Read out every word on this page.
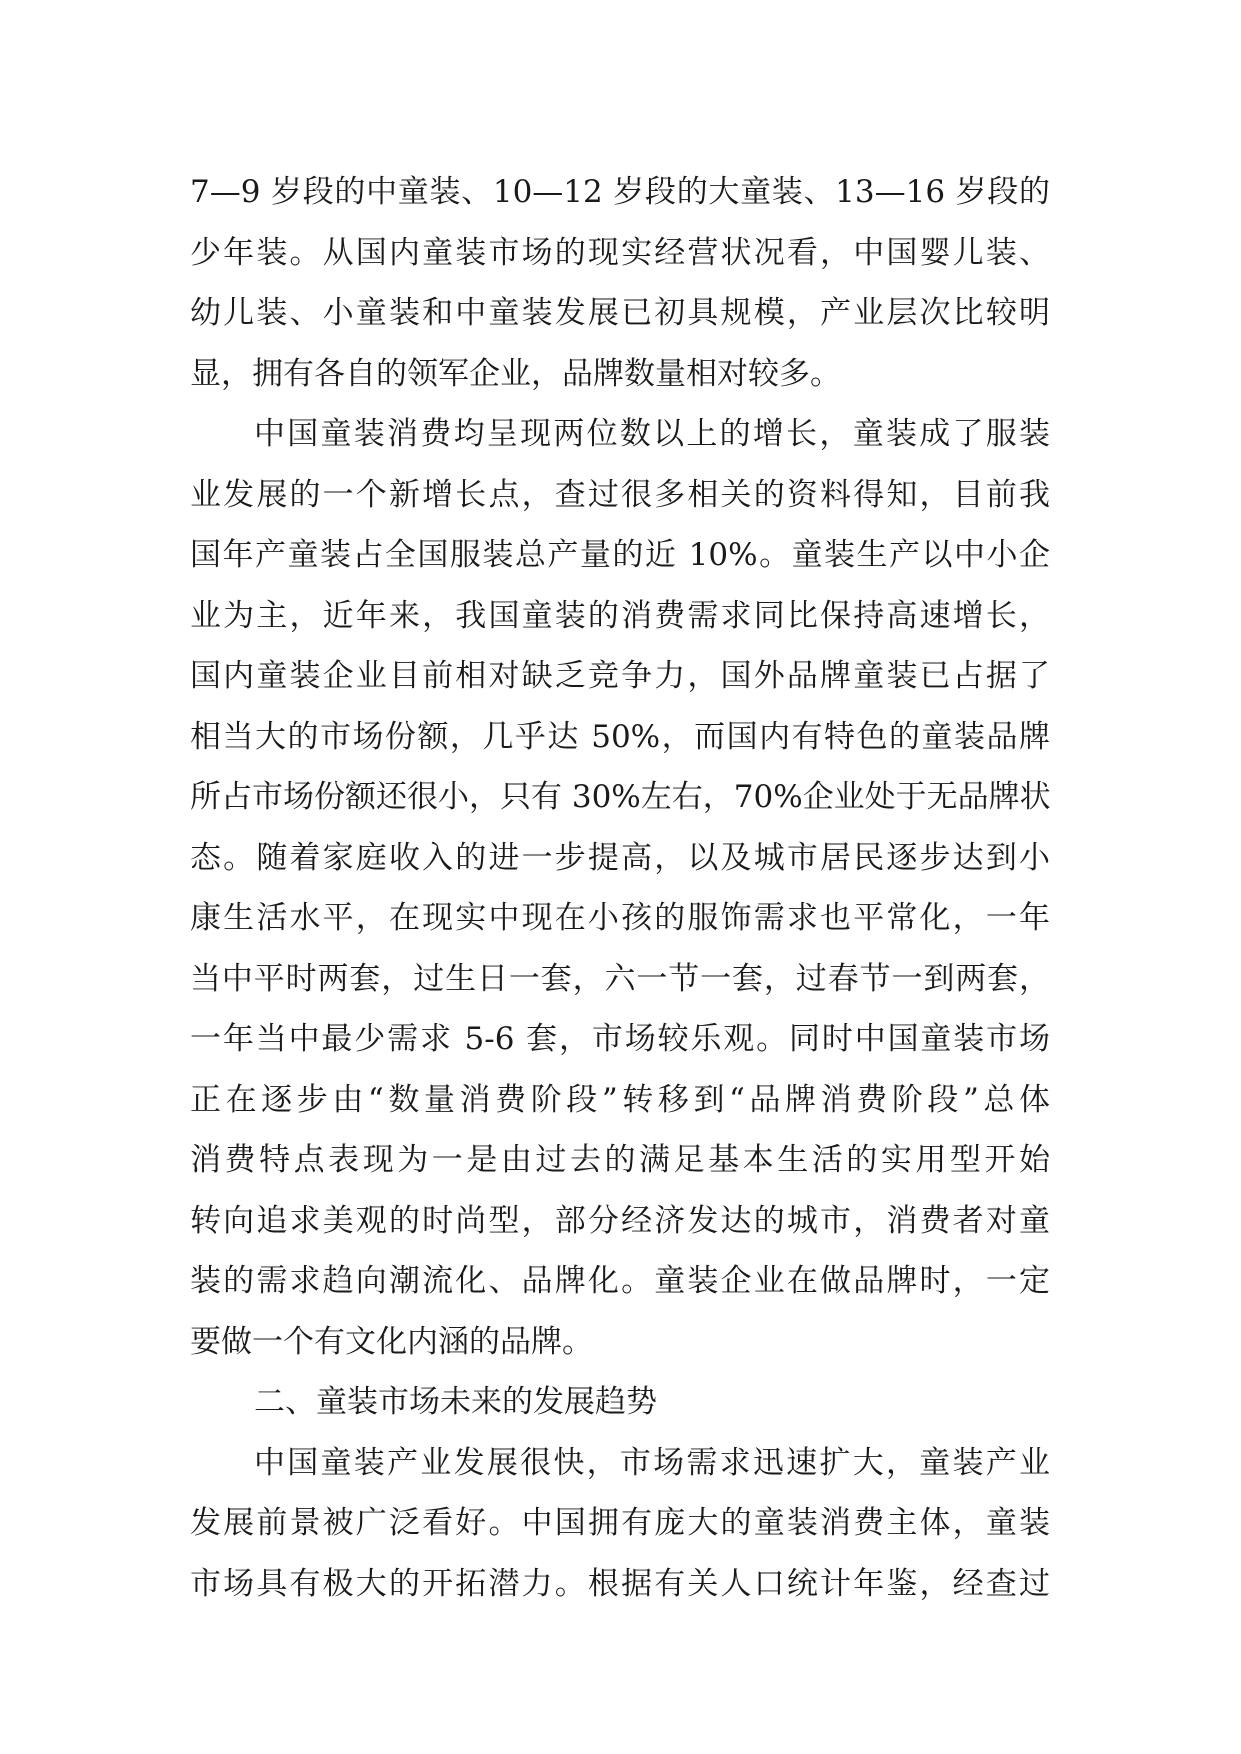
7—9 岁段的中童装、10—12 岁段的大童装、13—16 岁段的
少年装。从国内童装市场的现实经营状况看，中国婴儿装、
幼儿装、小童装和中童装发展已初具规模，产业层次比较明
显，拥有各自的领军企业，品牌数量相对较多。
中国童装消费均呈现两位数以上的增长，童装成了服装
业发展的一个新增长点，查过很多相关的资料得知，目前我
国年产童装占全国服装总产量的近 10%。童装生产以中小企
业为主，近年来，我国童装的消费需求同比保持高速增长，
国内童装企业目前相对缺乏竞争力，国外品牌童装已占据了
相当大的市场份额，几乎达 50%，而国内有特色的童装品牌
所占市场份额还很小，只有 30%左右，70%企业处于无品牌状
态。随着家庭收入的进一步提高，以及城市居民逐步达到小
康生活水平，在现实中现在小孩的服饰需求也平常化，一年
当中平时两套，过生日一套，六一节一套，过春节一到两套，
一年当中最少需求 5-6 套，市场较乐观。同时中国童装市场
正在逐步由“数量消费阶段”转移到“品牌消费阶段”总体
消费特点表现为一是由过去的满足基本生活的实用型开始
转向追求美观的时尚型，部分经济发达的城市，消费者对童
装的需求趋向潮流化、品牌化。童装企业在做品牌时，一定
要做一个有文化内涵的品牌。
二、童装市场未来的发展趋势
中国童装产业发展很快，市场需求迅速扩大，童装产业
发展前景被广泛看好。中国拥有庞大的童装消费主体，童装
市场具有极大的开拓潜力。根据有关人口统计年鉴，经查过
